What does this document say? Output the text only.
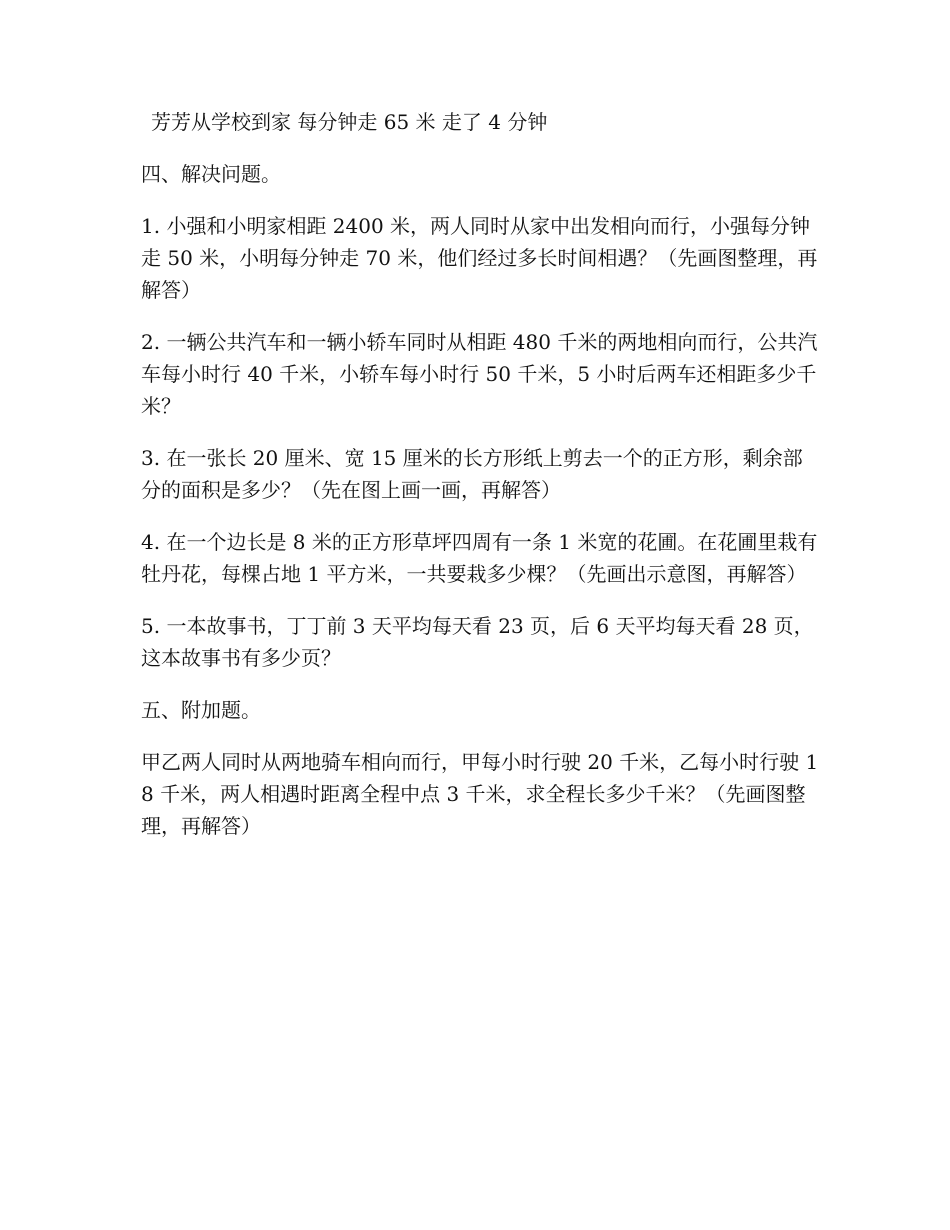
芳芳从学校到家 每分钟走 65 米 走了 4 分钟

四、解决问题。

1. 小强和小明家相距 2400 米，两人同时从家中出发相向而行，小强每分钟走 50 米，小明每分钟走 70 米，他们经过多长时间相遇？（先画图整理，再解答）

2. 一辆公共汽车和一辆小轿车同时从相距 480 千米的两地相向而行，公共汽车每小时行 40 千米，小轿车每小时行 50 千米，5 小时后两车还相距多少千米？

3. 在一张长 20 厘米、宽 15 厘米的长方形纸上剪去一个的正方形，剩余部分的面积是多少？（先在图上画一画，再解答）

4. 在一个边长是 8 米的正方形草坪四周有一条 1 米宽的花圃。在花圃里栽有牡丹花，每棵占地 1 平方米，一共要栽多少棵？（先画出示意图，再解答）

5. 一本故事书，丁丁前 3 天平均每天看 23 页，后 6 天平均每天看 28 页，这本故事书有多少页？

五、附加题。

甲乙两人同时从两地骑车相向而行，甲每小时行驶 20 千米，乙每小时行驶 18 千米，两人相遇时距离全程中点 3 千米，求全程长多少千米？（先画图整理，再解答）
